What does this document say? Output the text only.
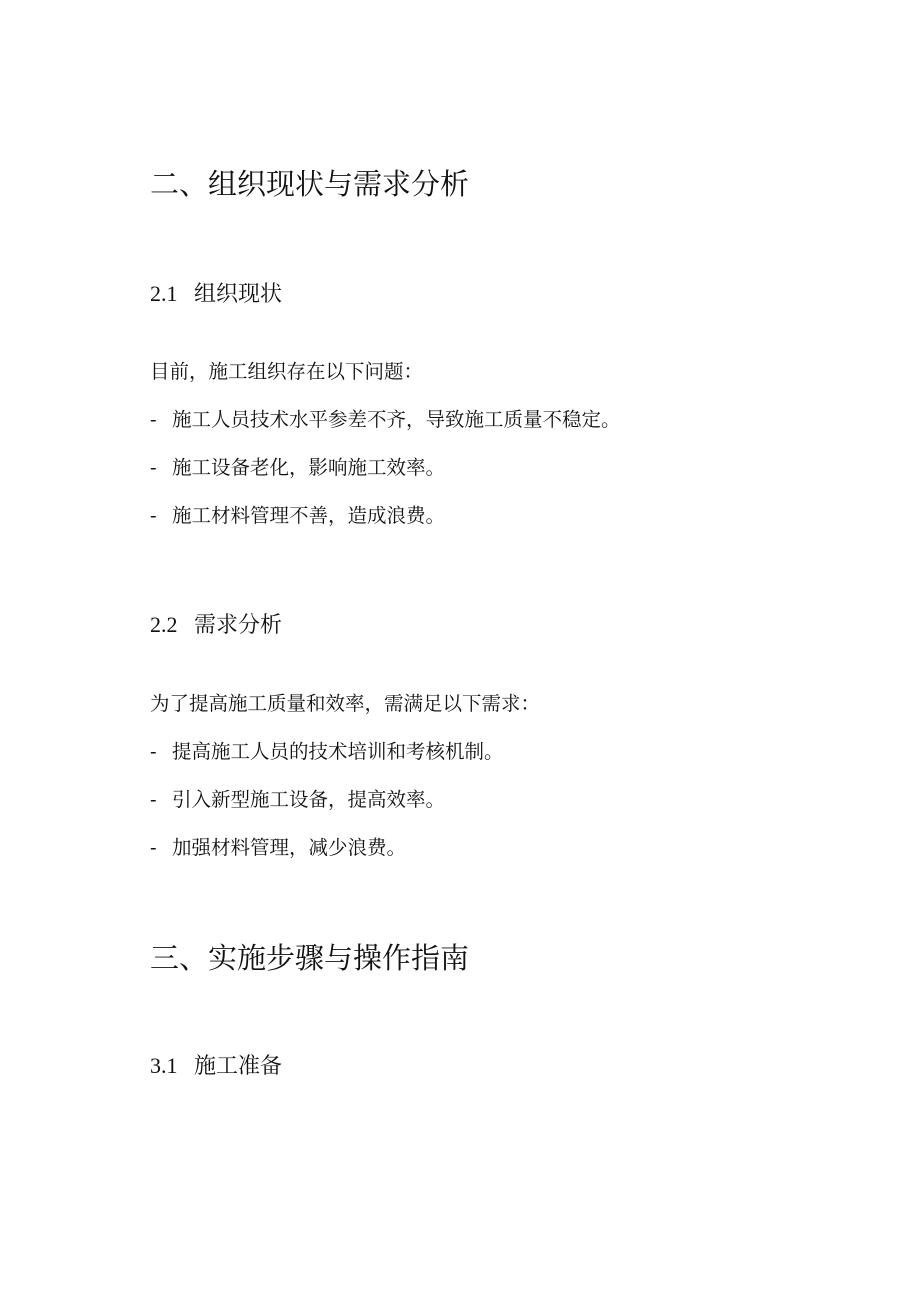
二、组织现状与需求分析
2.1 组织现状
目前，施工组织存在以下问题：
- 施工人员技术水平参差不齐，导致施工质量不稳定。
- 施工设备老化，影响施工效率。
- 施工材料管理不善，造成浪费。
2.2 需求分析
为了提高施工质量和效率，需满足以下需求：
- 提高施工人员的技术培训和考核机制。
- 引入新型施工设备，提高效率。
- 加强材料管理，减少浪费。
三、实施步骤与操作指南
3.1 施工准备
